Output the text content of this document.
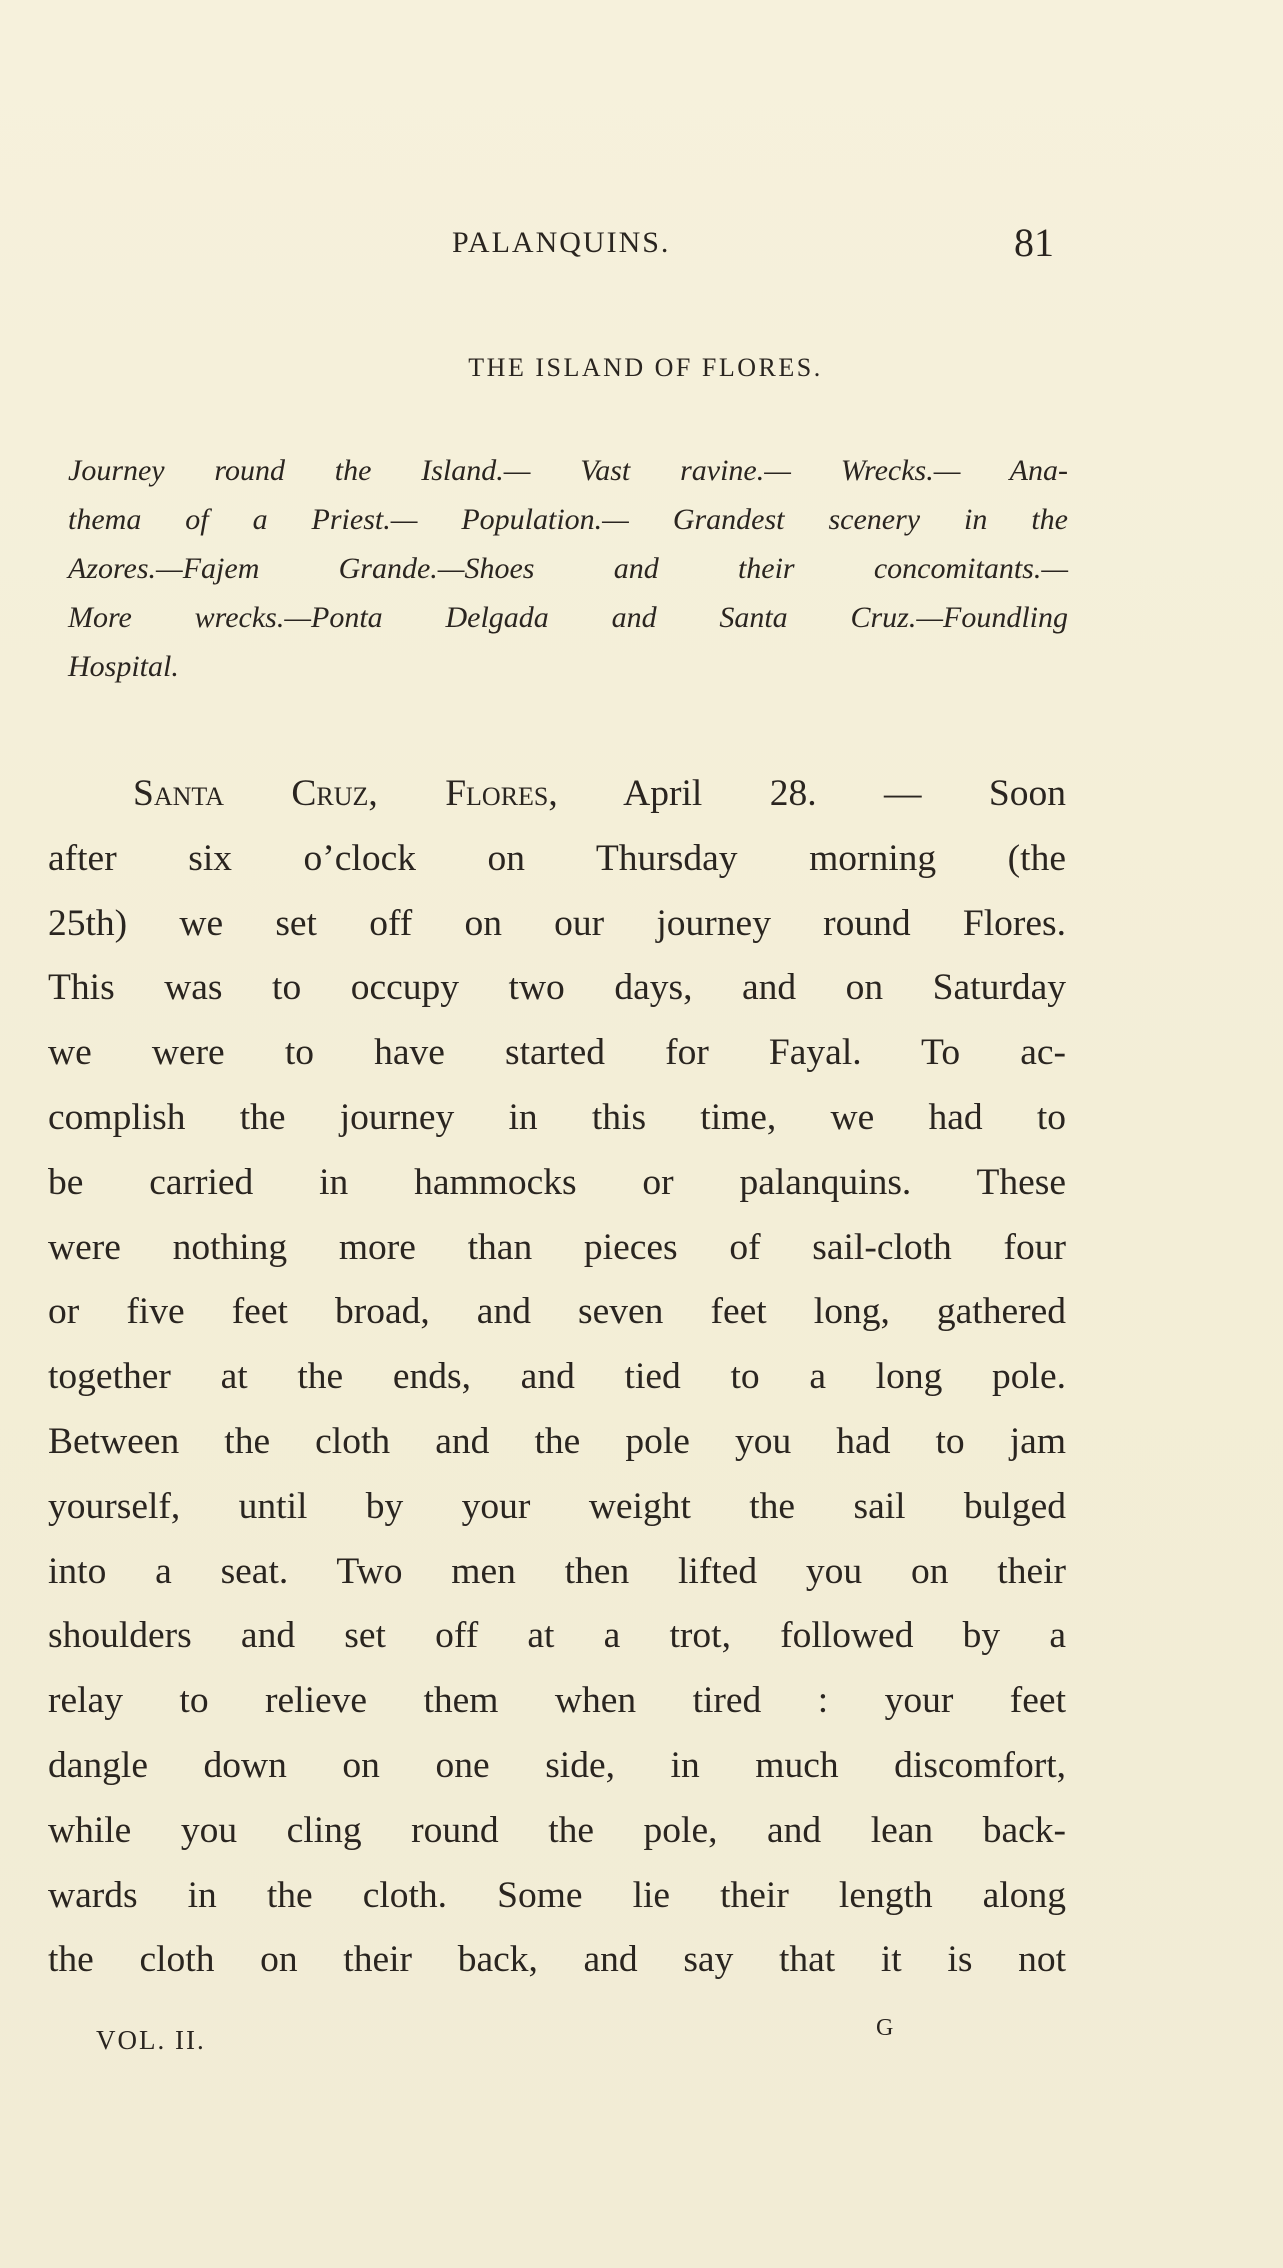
PALANQUINS.	81
THE ISLAND OF FLORES.
Journey round the Island.— Vast ravine.— Wrecks.— Ana-
thema of a Priest.— Population.— Grandest scenery in the
Azores.—Fajem Grande.—Shoes and their concomitants.—
More wrecks.—Ponta Delgada and Santa Cruz.—Foundling
Hospital.
Santa Cruz, Flores, April 28. — Soon
after six o’clock on Thursday morning (the
25th) we set off on our journey round Flores.
This was to occupy two days, and on Saturday
we were to have started for Fayal. To ac-
complish the journey in this time, we had to
be carried in hammocks or palanquins. These
were nothing more than pieces of sail-cloth four
or five feet broad, and seven feet long, gathered
together at the ends, and tied to a long pole.
Between the cloth and the pole you had to jam
yourself, until by your weight the sail bulged
into a seat. Two men then lifted you on their
shoulders and set off at a trot, followed by a
relay to relieve them when tired : your feet
dangle down on one side, in much discomfort,
while you cling round the pole, and lean back-
wards in the cloth. Some lie their length along
the cloth on their back, and say that it is not
VOL. II.	G
